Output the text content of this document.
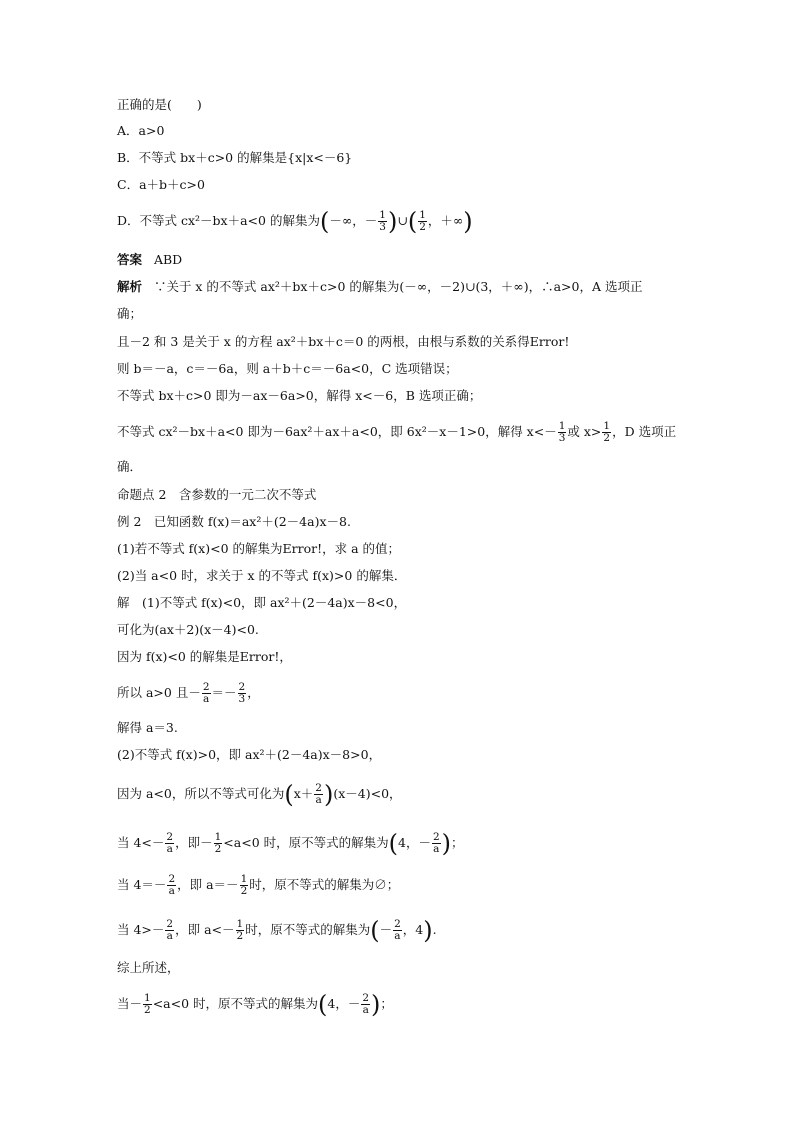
正确的是(　　)
A．a>0
B．不等式 bx＋c>0 的解集是{x|x<－6}
C．a＋b＋c>0
D．不等式 cx²－bx＋a<0 的解集为(－∞，－ $\frac{1}{3}$ )∪( $\frac{1}{2}$ ，＋∞)
答案 ABD
解析 ∵关于 x 的不等式 ax²＋bx＋c>0 的解集为(－∞，－2)∪(3，＋∞)，∴a>0，A 选项正
确；
且－2 和 3 是关于 x 的方程 ax²＋bx＋c＝0 的两根，由根与系数的关系得Error!
则 b＝－a，c＝－6a，则 a＋b＋c＝－6a<0，C 选项错误；
不等式 bx＋c>0 即为－ax－6a>0，解得 x<－6，B 选项正确；
不等式 cx²－bx＋a<0 即为－6ax²＋ax＋a<0，即 6x²－x－1>0，解得 $x<- \frac{1}{3}$ 或 $x> \frac{1}{2}$ ，D 选项正
确．
命题点 2　含参数的一元二次不等式
例 2　已知函数 f(x)＝ax²＋(2－4a)x－8.
(1)若不等式 f(x)<0 的解集为Error!，求 a 的值；
(2)当 a<0 时，求关于 x 的不等式 f(x)>0 的解集．
解　(1)不等式 f(x)<0，即 ax²＋(2－4a)x－8<0，
可化为(ax＋2)(x－4)<0.
因为 f(x)<0 的解集是Error!，
所以 a>0 且－ $\frac{2}{a} =- \frac{2}{3}$ ，
解得 a＝3.
(2)不等式 f(x)>0，即 ax²＋(2－4a)x－8>0，
因为 a<0，所以不等式可化为$(x+ \frac{2}{a} )(x-4)<0$，
当 $4<- \frac{2}{a}$ ，即－ $\frac{1}{2} <a<0$ 时，原不等式的解集为(4，－ $\frac{2}{a}$ )；
当 $4=- \frac{2}{a}$ ，即 $a=- \frac{1}{2}$ 时，原不等式的解集为∅；
当 $4>- \frac{2}{a}$ ，即 $a<- \frac{1}{2}$ 时，原不等式的解集为(－ $\frac{2}{a}$ ，4).
综上所述，
当－ $\frac{1}{2} <a<0$ 时，原不等式的解集为(4，－ $\frac{2}{a}$ )；
